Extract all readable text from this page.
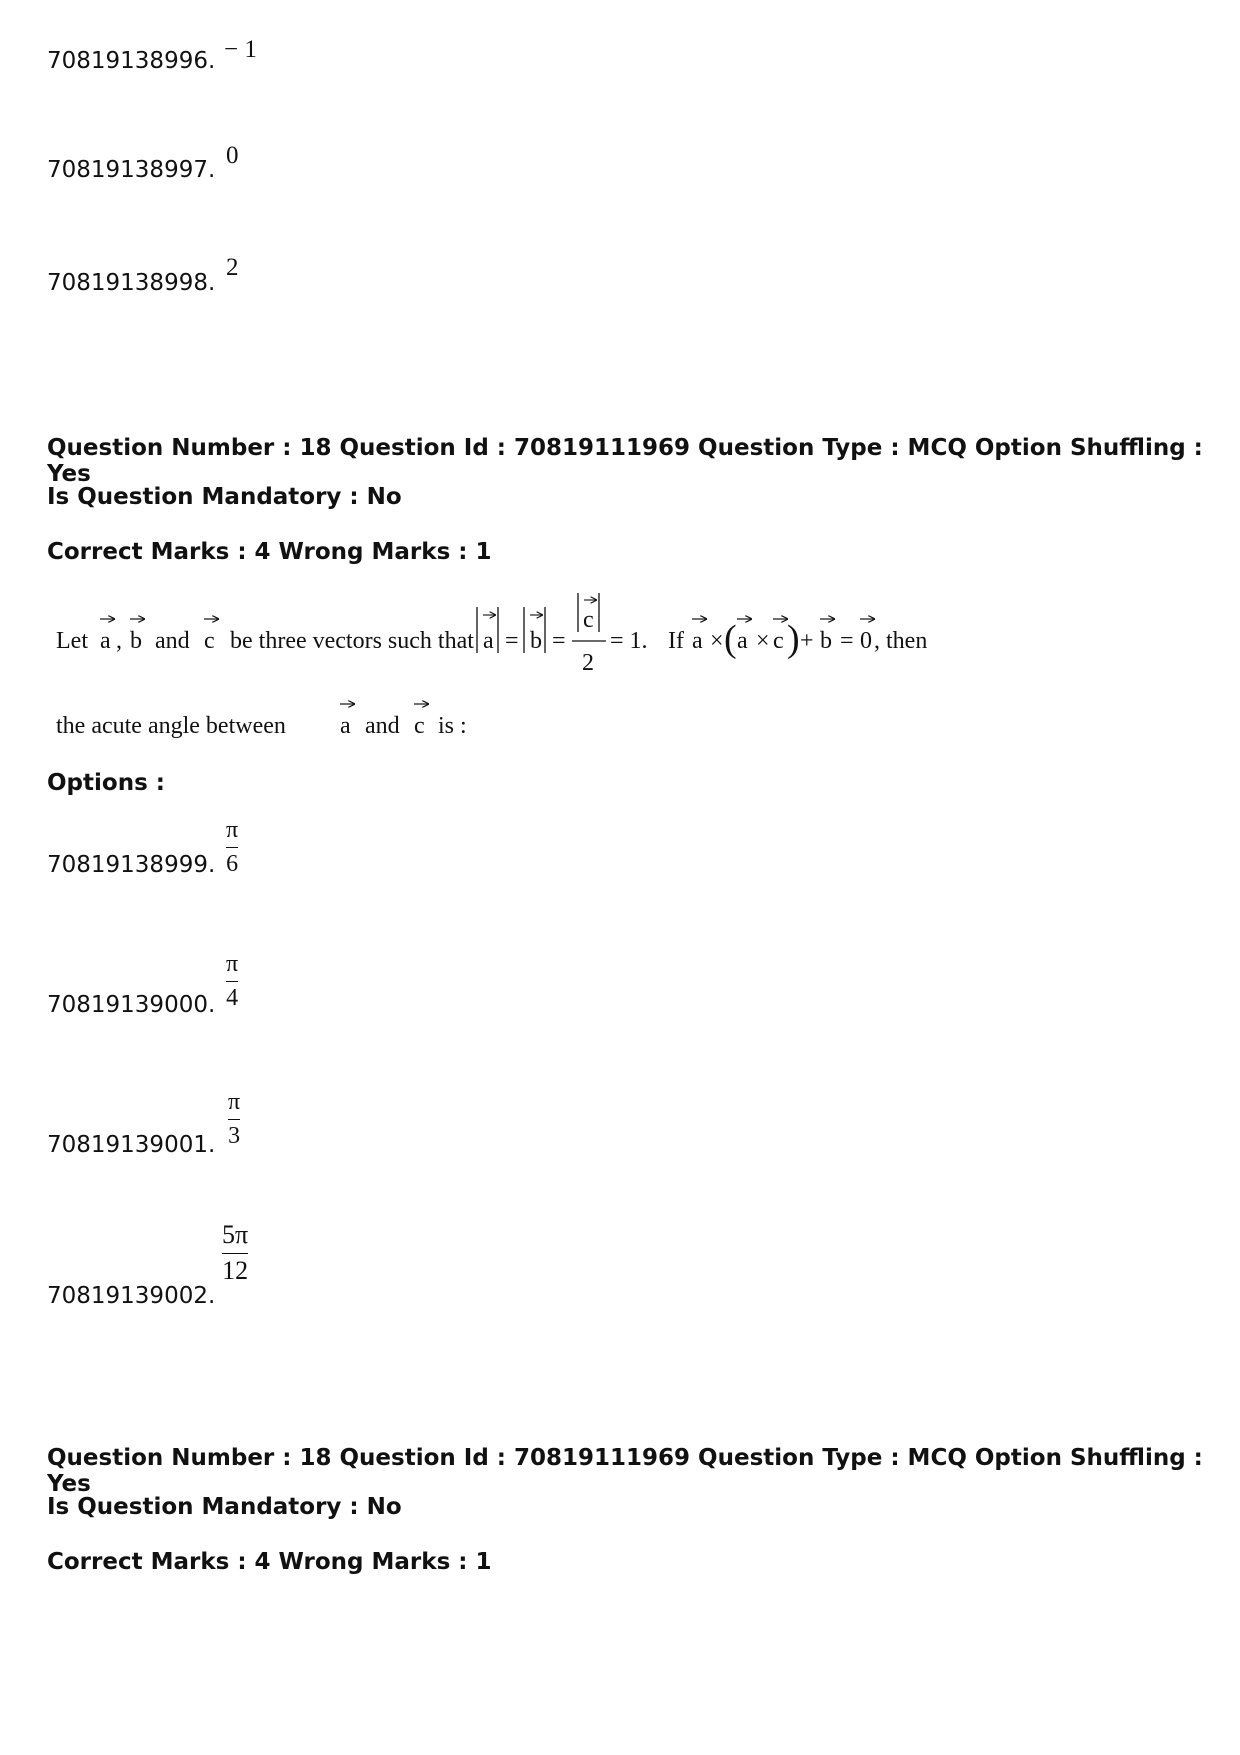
70819138996. − 1
70819138997.
0
70819138998.
2
Question Number : 18 Question Id : 70819111969 Question Type : MCQ Option Shuffling : Yes
Is Question Mandatory : No
Correct Marks : 4 Wrong Marks : 1
Let a , b and c be three vectors such that a = b =
c
2
= 1. If a × ( a × c ) + b = 0 , then
the acute angle between a and c is :
Options :
70819138999.
π
6
70819139000.
π
4
70819139001.
π
3
70819139002.
5π
12
Question Number : 18 Question Id : 70819111969 Question Type : MCQ Option Shuffling : Yes
Is Question Mandatory : No
Correct Marks : 4 Wrong Marks : 1
